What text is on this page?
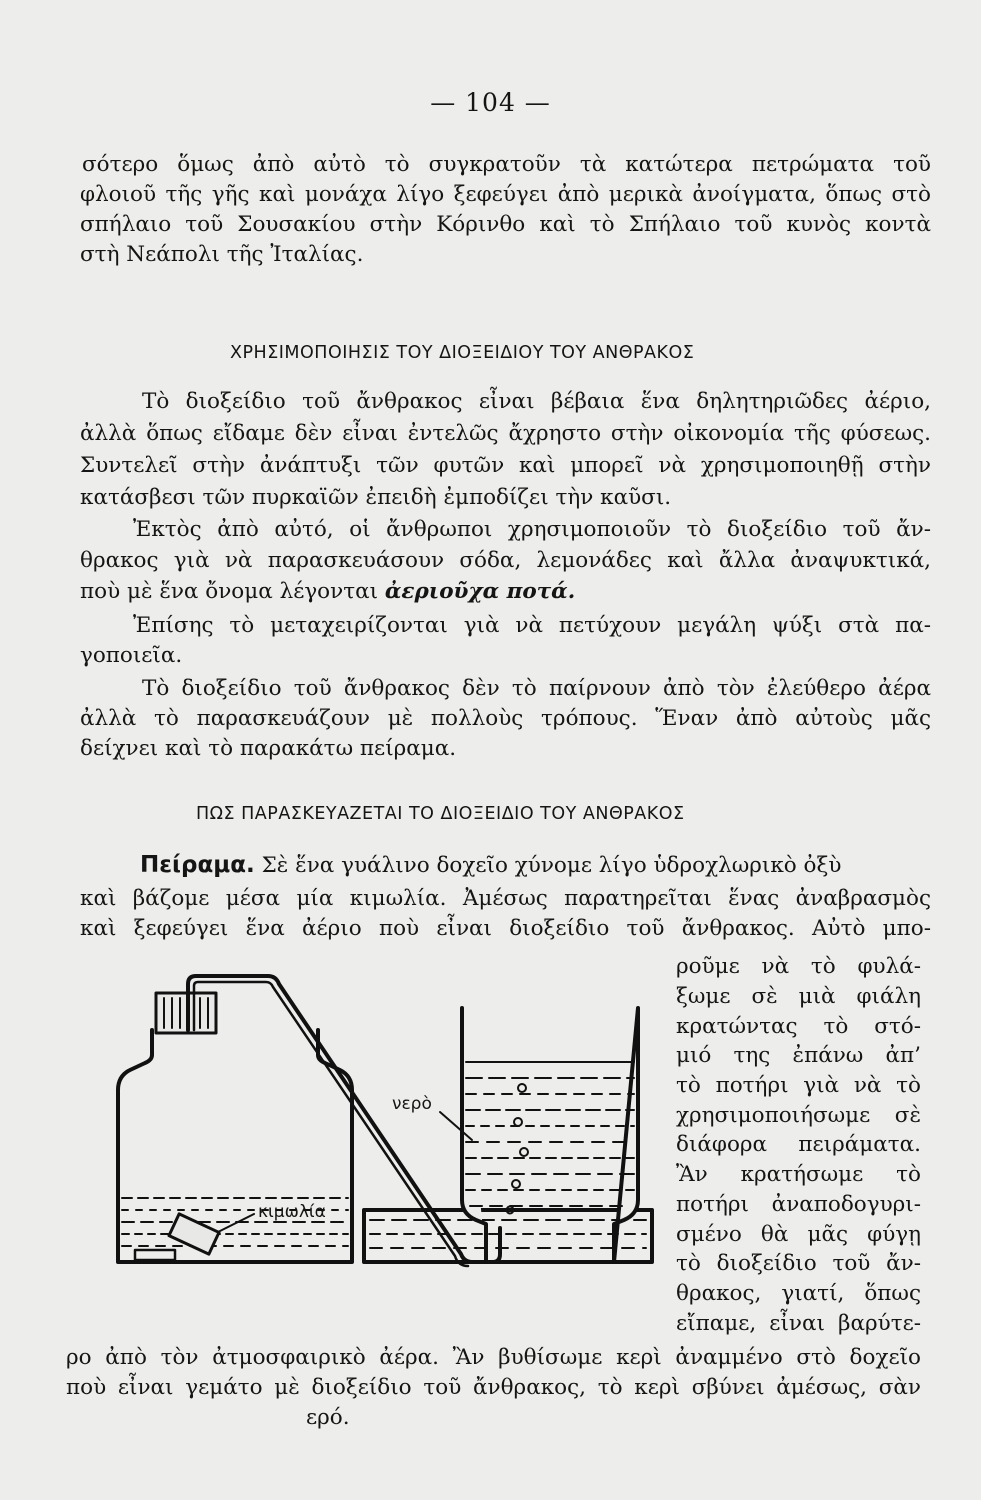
— 104 —
σότερο ὅμως ἀπὸ αὐτὸ τὸ συγκρατοῦν τὰ κατώτερα πετρώματα τοῦ
φλοιοῦ τῆς γῆς καὶ μονάχα λίγο ξεφεύγει ἀπὸ μερικὰ ἀνοίγματα, ὅπως στὸ
σπήλαιο τοῦ Σουσακίου στὴν Κόρινθο καὶ τὸ Σπήλαιο τοῦ κυνὸς κοντὰ
στὴ Νεάπολι τῆς Ἰταλίας.
ΧΡΗΣΙΜΟΠΟΙΗΣΙΣ ΤΟΥ ΔΙΟΞΕΙΔΙΟΥ ΤΟΥ ΑΝΘΡΑΚΟΣ
Τὸ διοξείδιο τοῦ ἄνθρακος εἶναι βέβαια ἕνα δηλητηριῶδες ἀέριο,
ἀλλὰ ὅπως εἴδαμε δὲν εἶναι ἐντελῶς ἄχρηστο στὴν οἰκονομία τῆς φύσεως.
Συντελεῖ στὴν ἀνάπτυξι τῶν φυτῶν καὶ μπορεῖ νὰ χρησιμοποιηθῇ στὴν
κατάσβεσι τῶν πυρκαϊῶν ἐπειδὴ ἐμποδίζει τὴν καῦσι.
Ἐκτὸς ἀπὸ αὐτό, οἱ ἄνθρωποι χρησιμοποιοῦν τὸ διοξείδιο τοῦ ἄν-
θρακος γιὰ νὰ παρασκευάσουν σόδα, λεμονάδες καὶ ἄλλα ἀναψυκτικά,
ποὺ μὲ ἕνα ὄνομα λέγονται ἀεριοῦχα ποτά.
Ἐπίσης τὸ μεταχειρίζονται γιὰ νὰ πετύχουν μεγάλη ψύξι στὰ πα-
γοποιεῖα.
Τὸ διοξείδιο τοῦ ἄνθρακος δὲν τὸ παίρνουν ἀπὸ τὸν ἐλεύθερο ἀέρα
ἀλλὰ τὸ παρασκευάζουν μὲ πολλοὺς τρόπους. Ἕναν ἀπὸ αὐτοὺς μᾶς
δείχνει καὶ τὸ παρακάτω πείραμα.
ΠΩΣ ΠΑΡΑΣΚΕΥΑΖΕΤΑΙ ΤΟ ΔΙΟΞΕΙΔΙΟ ΤΟΥ ΑΝΘΡΑΚΟΣ
Πείραμα. Σὲ ἕνα γυάλινο δοχεῖο χύνομε λίγο ὑδροχλωρικὸ ὀξὺ
καὶ βάζομε μέσα μία κιμωλία. Ἀμέσως παρατηρεῖται ἕνας ἀναβρασμὸς
καὶ ξεφεύγει ἕνα ἀέριο ποὺ εἶναι διοξείδιο τοῦ ἄνθρακος. Αὐτὸ μπο-
ροῦμε νὰ τὸ φυλά-
ξωμε σὲ μιὰ φιάλη
κρατώντας τὸ στό-
μιό της ἐπάνω ἀπ’
τὸ ποτήρι γιὰ νὰ τὸ
χρησιμοποιήσωμε σὲ
διάφορα πειράματα.
Ἂν κρατήσωμε τὸ
ποτήρι ἀναποδογυρι-
σμένο θὰ μᾶς φύγῃ
τὸ διοξείδιο τοῦ ἄν-
θρακος, γιατί, ὅπως
εἴπαμε, εἶναι βαρύτε-
ρο ἀπὸ τὸν ἀτμοσφαιρικὸ ἀέρα. Ἂν βυθίσωμε κερὶ ἀναμμένο στὸ δοχεῖο
ποὺ εἶναι γεμάτο μὲ διοξείδιο τοῦ ἄνθρακος, τὸ κερὶ σβύνει ἀμέσως, σὰν
ερό.
νερὸ
κιμωλία
